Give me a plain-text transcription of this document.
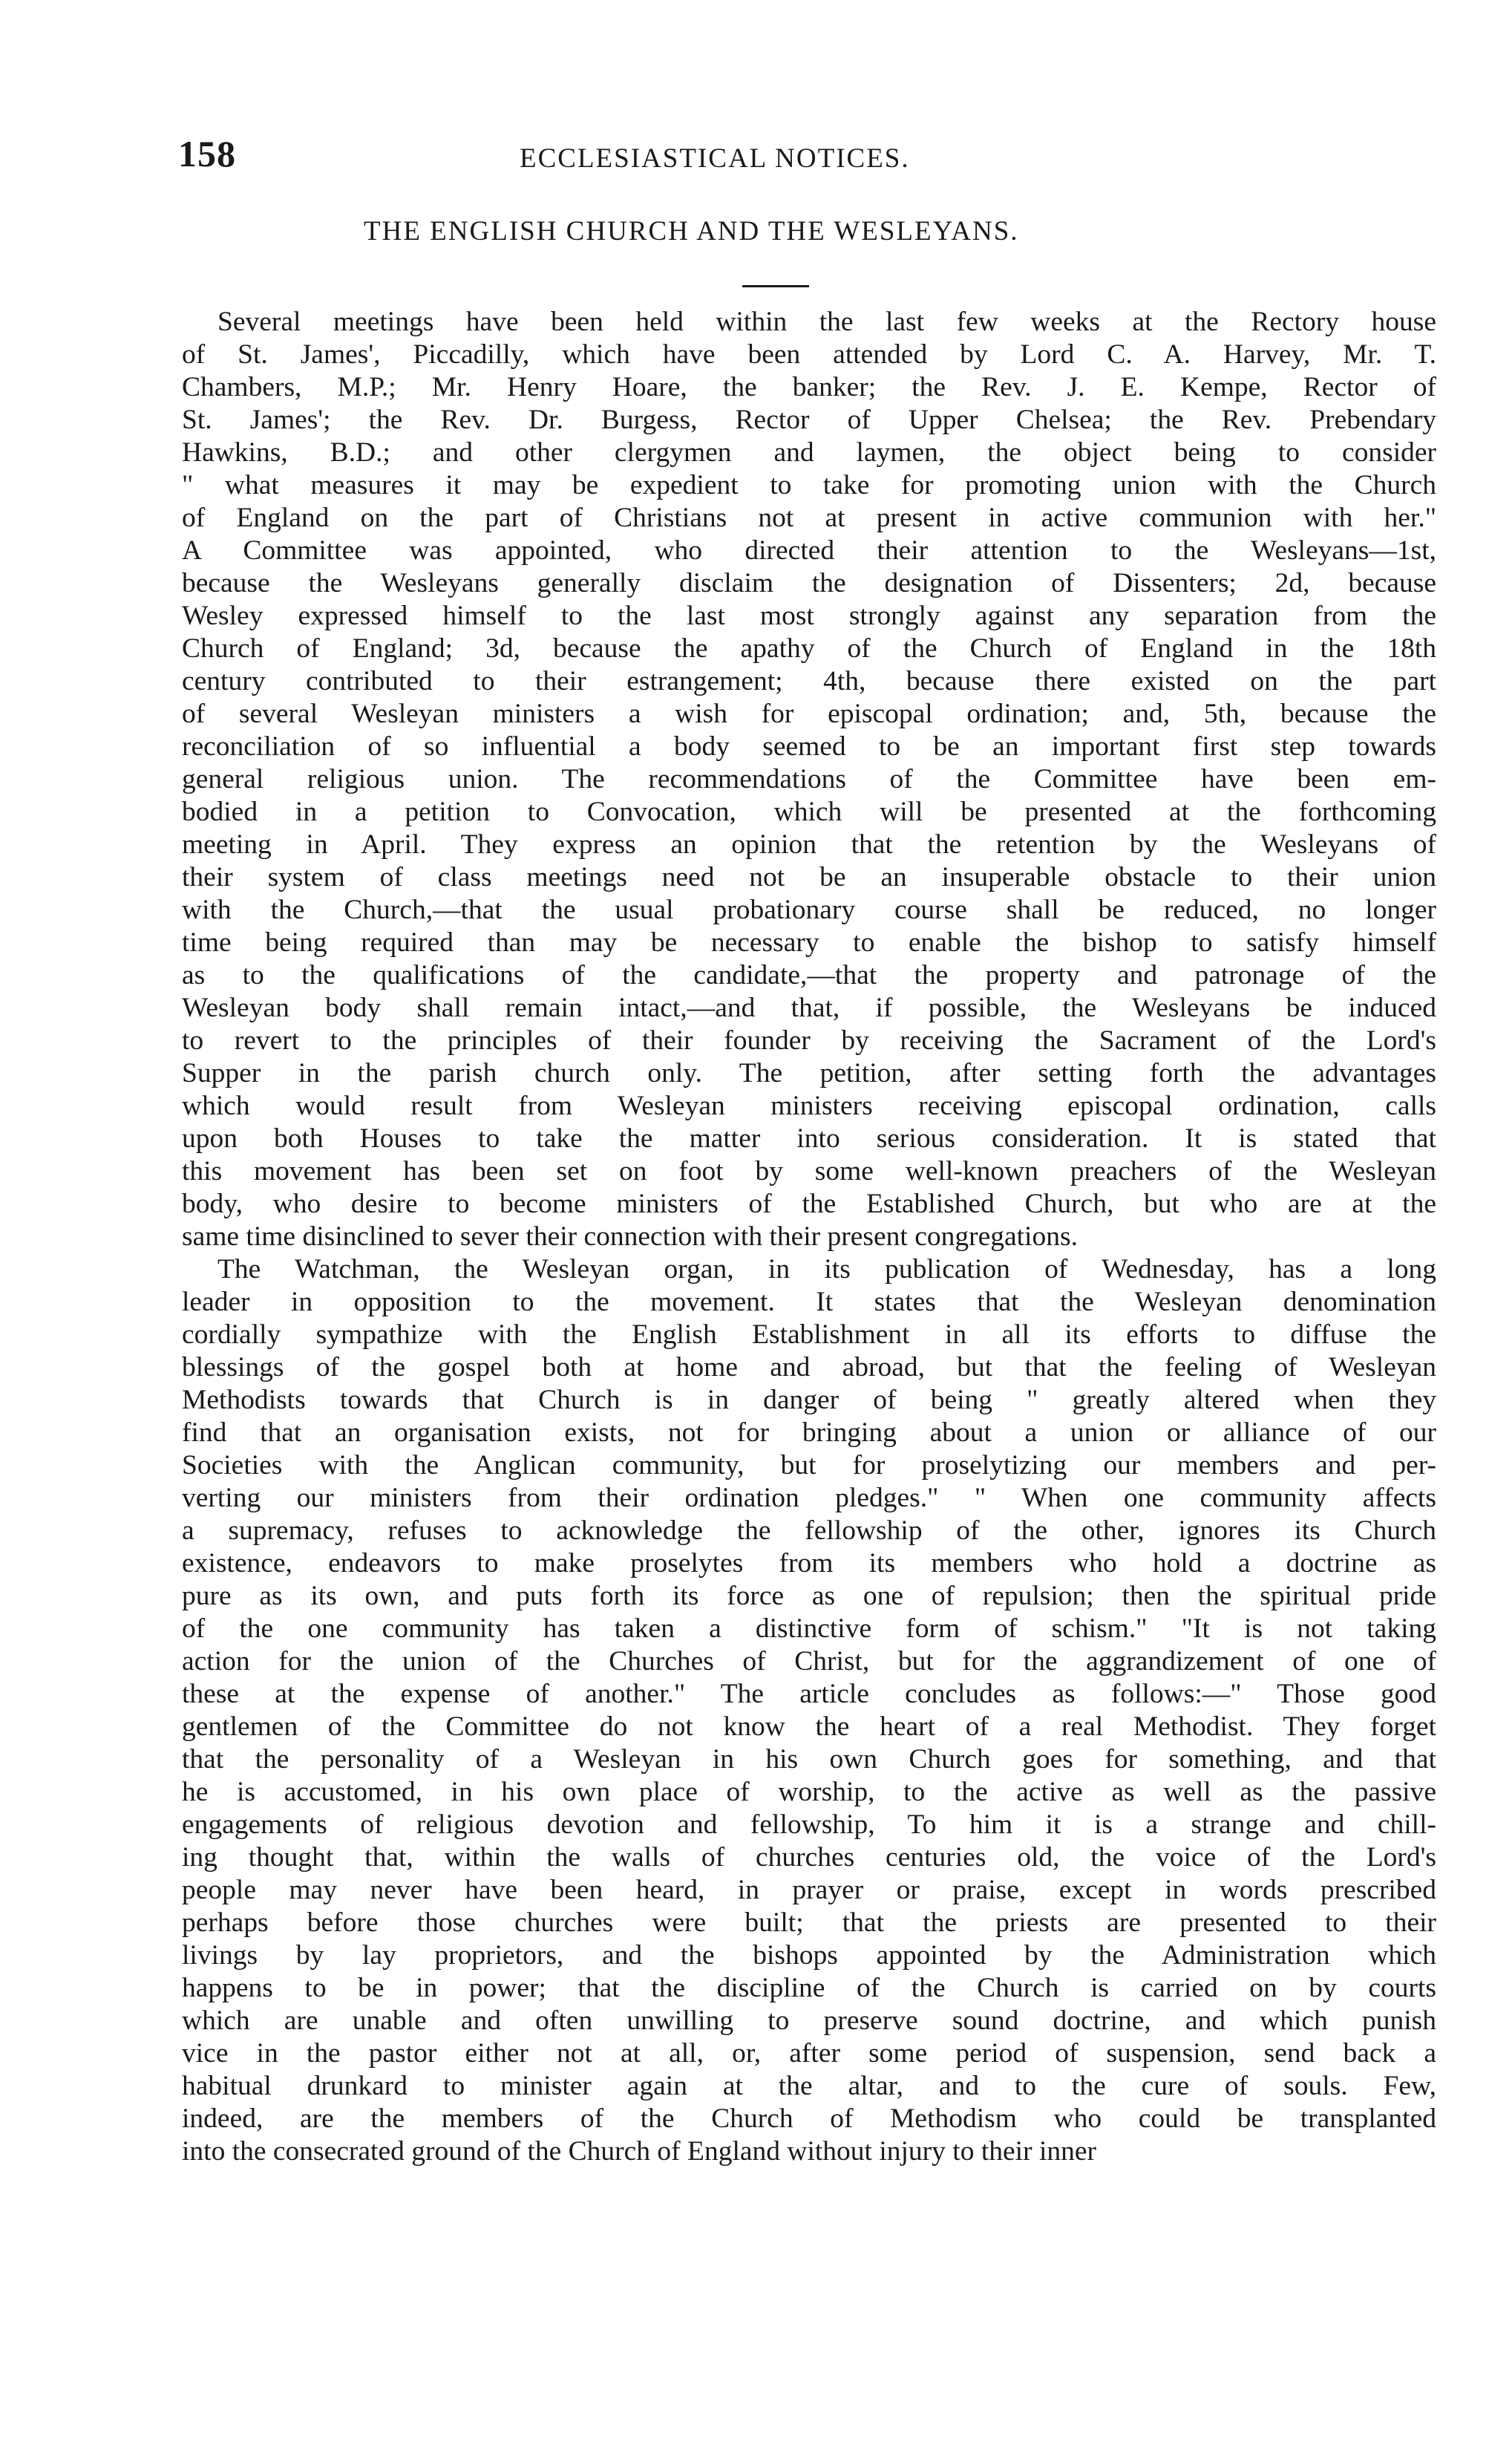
158	ECCLESIASTICAL NOTICES.
THE ENGLISH CHURCH AND THE WESLEYANS.
Several meetings have been held within the last few weeks at the Rectory house
of St. James', Piccadilly, which have been attended by Lord C. A. Harvey, Mr. T.
Chambers, M.P.; Mr. Henry Hoare, the banker; the Rev. J. E. Kempe, Rector of
St. James'; the Rev. Dr. Burgess, Rector of Upper Chelsea; the Rev. Prebendary
Hawkins, B.D.; and other clergymen and laymen, the object being to consider
" what measures it may be expedient to take for promoting union with the Church
of England on the part of Christians not at present in active communion with her."
A Committee was appointed, who directed their attention to the Wesleyans—1st,
because the Wesleyans generally disclaim the designation of Dissenters; 2d, because
Wesley expressed himself to the last most strongly against any separation from the
Church of England; 3d, because the apathy of the Church of England in the 18th
century contributed to their estrangement; 4th, because there existed on the part
of several Wesleyan ministers a wish for episcopal ordination; and, 5th, because the
reconciliation of so influential a body seemed to be an important first step towards
general religious union. The recommendations of the Committee have been em-
bodied in a petition to Convocation, which will be presented at the forthcoming
meeting in April. They express an opinion that the retention by the Wesleyans of
their system of class meetings need not be an insuperable obstacle to their union
with the Church,—that the usual probationary course shall be reduced, no longer
time being required than may be necessary to enable the bishop to satisfy himself
as to the qualifications of the candidate,—that the property and patronage of the
Wesleyan body shall remain intact,—and that, if possible, the Wesleyans be induced
to revert to the principles of their founder by receiving the Sacrament of the Lord's
Supper in the parish church only. The petition, after setting forth the advantages
which would result from Wesleyan ministers receiving episcopal ordination, calls
upon both Houses to take the matter into serious consideration. It is stated that
this movement has been set on foot by some well-known preachers of the Wesleyan
body, who desire to become ministers of the Established Church, but who are at the
same time disinclined to sever their connection with their present congregations.
The Watchman, the Wesleyan organ, in its publication of Wednesday, has a long
leader in opposition to the movement. It states that the Wesleyan denomination
cordially sympathize with the English Establishment in all its efforts to diffuse the
blessings of the gospel both at home and abroad, but that the feeling of Wesleyan
Methodists towards that Church is in danger of being " greatly altered when they
find that an organisation exists, not for bringing about a union or alliance of our
Societies with the Anglican community, but for proselytizing our members and per-
verting our ministers from their ordination pledges." " When one community affects
a supremacy, refuses to acknowledge the fellowship of the other, ignores its Church
existence, endeavors to make proselytes from its members who hold a doctrine as
pure as its own, and puts forth its force as one of repulsion; then the spiritual pride
of the one community has taken a distinctive form of schism." "It is not taking
action for the union of the Churches of Christ, but for the aggrandizement of one of
these at the expense of another." The article concludes as follows:—" Those good
gentlemen of the Committee do not know the heart of a real Methodist. They forget
that the personality of a Wesleyan in his own Church goes for something, and that
he is accustomed, in his own place of worship, to the active as well as the passive
engagements of religious devotion and fellowship, To him it is a strange and chill-
ing thought that, within the walls of churches centuries old, the voice of the Lord's
people may never have been heard, in prayer or praise, except in words prescribed
perhaps before those churches were built; that the priests are presented to their
livings by lay proprietors, and the bishops appointed by the Administration which
happens to be in power; that the discipline of the Church is carried on by courts
which are unable and often unwilling to preserve sound doctrine, and which punish
vice in the pastor either not at all, or, after some period of suspension, send back a
habitual drunkard to minister again at the altar, and to the cure of souls. Few,
indeed, are the members of the Church of Methodism who could be transplanted
into the consecrated ground of the Church of England without injury to their inner
